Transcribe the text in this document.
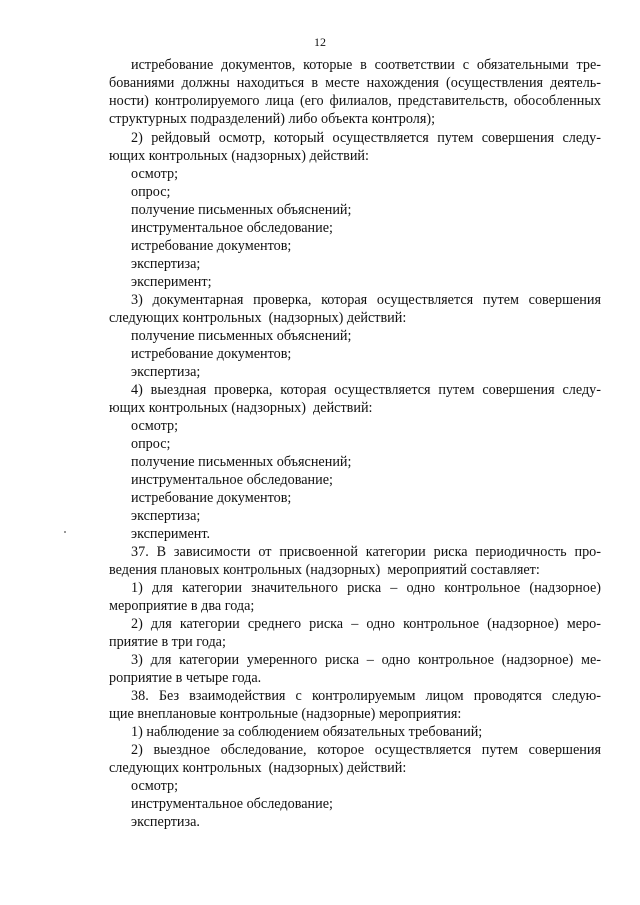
12
истребование документов, которые в соответствии с обязательными тре-
бованиями должны находиться в месте нахождения (осуществления деятель-
ности) контролируемого лица (его филиалов, представительств, обособленных
структурных подразделений) либо объекта контроля);
2) рейдовый осмотр, который осуществляется путем совершения следу-
ющих контрольных (надзорных) действий:
осмотр;
опрос;
получение письменных объяснений;
инструментальное обследование;
истребование документов;
экспертиза;
эксперимент;
3) документарная проверка, которая осуществляется путем совершения
следующих контрольных  (надзорных) действий:
получение письменных объяснений;
истребование документов;
экспертиза;
4) выездная проверка, которая осуществляется путем совершения следу-
ющих контрольных (надзорных)  действий:
осмотр;
опрос;
получение письменных объяснений;
инструментальное обследование;
истребование документов;
экспертиза;
эксперимент.
37. В зависимости от присвоенной категории риска периодичность про-
ведения плановых контрольных (надзорных)  мероприятий составляет:
1) для категории значительного риска – одно контрольное (надзорное)
мероприятие в два года;
2) для категории среднего риска – одно контрольное (надзорное) меро-
приятие в три года;
3) для категории умеренного риска – одно контрольное (надзорное) ме-
роприятие в четыре года.
38. Без взаимодействия с контролируемым лицом проводятся следую-
щие внеплановые контрольные (надзорные) мероприятия:
1) наблюдение за соблюдением обязательных требований;
2) выездное обследование, которое осуществляется путем совершения
следующих контрольных  (надзорных) действий:
осмотр;
инструментальное обследование;
экспертиза.
